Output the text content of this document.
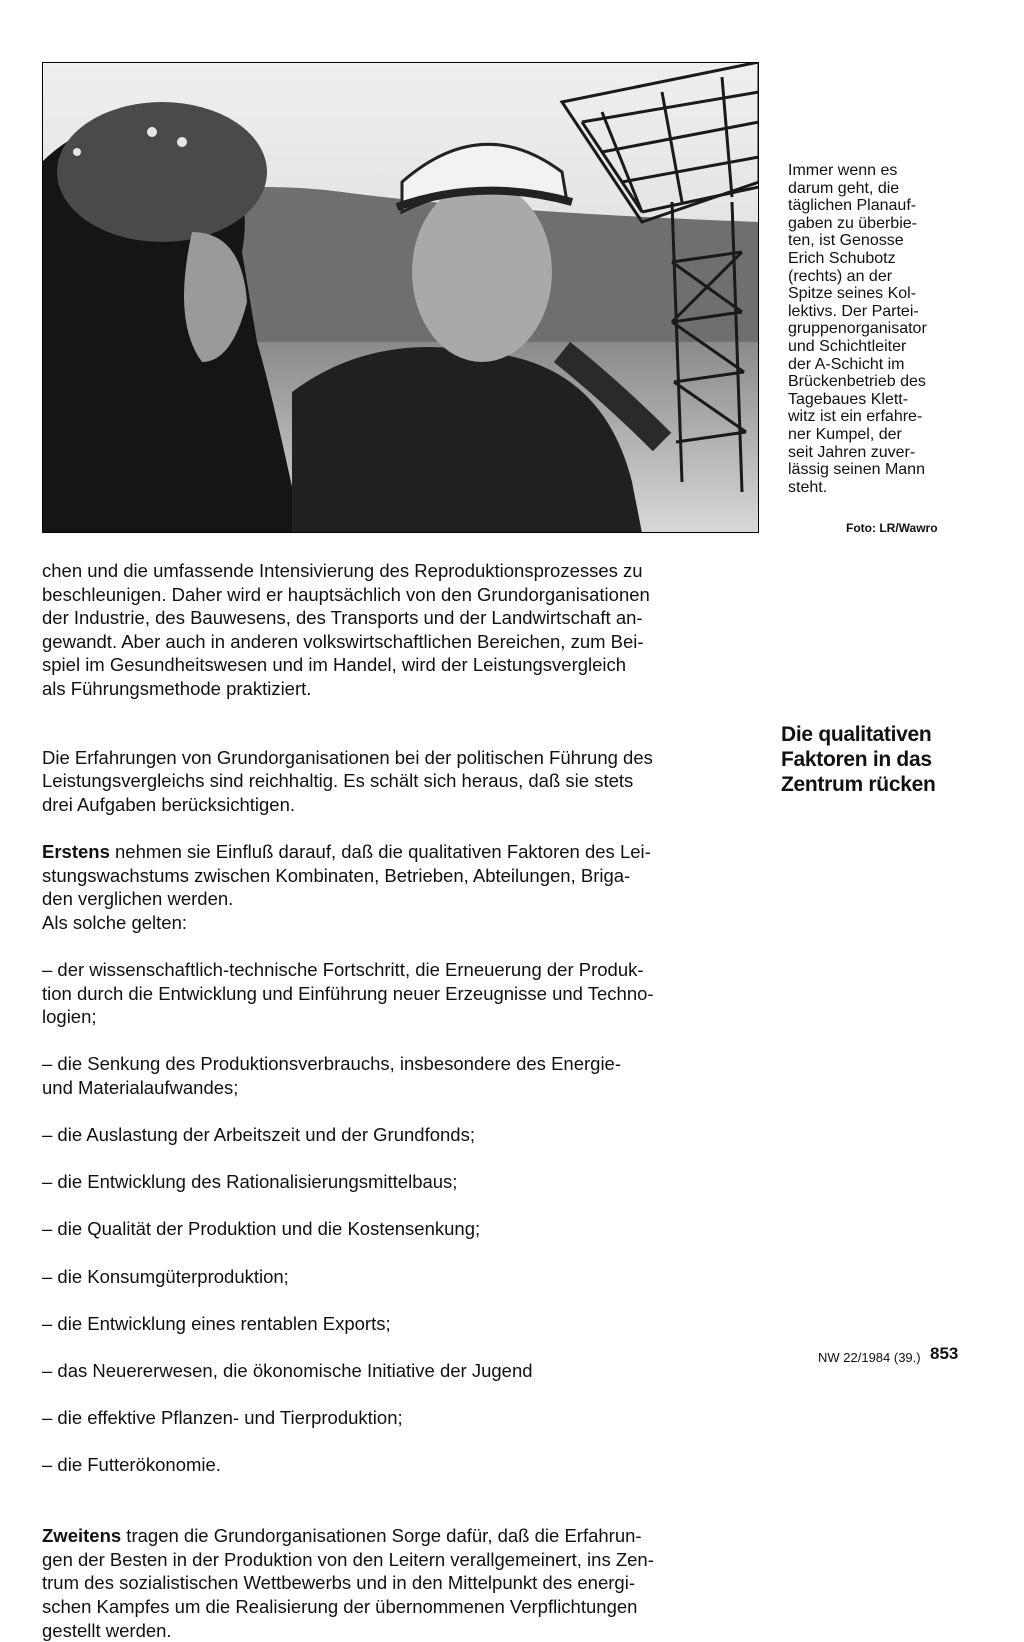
Immer wenn es
darum geht, die
täglichen Planauf-
gaben zu überbie-
ten, ist Genosse
Erich Schubotz
(rechts) an der
Spitze seines Kol-
lektivs. Der Partei-
gruppenorganisator
und Schichtleiter
der A-Schicht im
Brückenbetrieb des
Tagebaues Klett-
witz ist ein erfahre-
ner Kumpel, der
seit Jahren zuver-
lässig seinen Mann
steht.
Foto: LR/Wawro
chen und die umfassende Intensivierung des Reproduktionsprozesses zu
beschleunigen. Daher wird er hauptsächlich von den Grundorganisationen
der Industrie, des Bauwesens, des Transports und der Landwirtschaft an-
gewandt. Aber auch in anderen volkswirtschaftlichen Bereichen, zum Bei-
spiel im Gesundheitswesen und im Handel, wird der Leistungsvergleich
als Führungsmethode praktiziert.
Die qualitativen
Faktoren in das
Zentrum rücken

Die Erfahrungen von Grundorganisationen bei der politischen Führung des
Leistungsvergleichs sind reichhaltig. Es schält sich heraus, daß sie stets
drei Aufgaben berücksichtigen.

Erstens nehmen sie Einfluß darauf, daß die qualitativen Faktoren des Lei-
stungswachstums zwischen Kombinaten, Betrieben, Abteilungen, Briga-
den verglichen werden.
Als solche gelten:

– der wissenschaftlich-technische Fortschritt, die Erneuerung der Produk-
tion durch die Entwicklung und Einführung neuer Erzeugnisse und Techno-
logien;

– die Senkung des Produktionsverbrauchs, insbesondere des Energie-
und Materialaufwandes;

– die Auslastung der Arbeitszeit und der Grundfonds;

– die Entwicklung des Rationalisierungsmittelbaus;

– die Qualität der Produktion und die Kostensenkung;

– die Konsumgüterproduktion;

– die Entwicklung eines rentablen Exports;

– das Neuererwesen, die ökonomische Initiative der Jugend

– die effektive Pflanzen- und Tierproduktion;

– die Futterökonomie.

Zweitens tragen die Grundorganisationen Sorge dafür, daß die Erfahrun-
gen der Besten in der Produktion von den Leitern verallgemeinert, ins Zen-
trum des sozialistischen Wettbewerbs und in den Mittelpunkt des energi-
schen Kampfes um die Realisierung der übernommenen Verpflichtungen
gestellt werden.

NW 22/1984 (39.) 853
